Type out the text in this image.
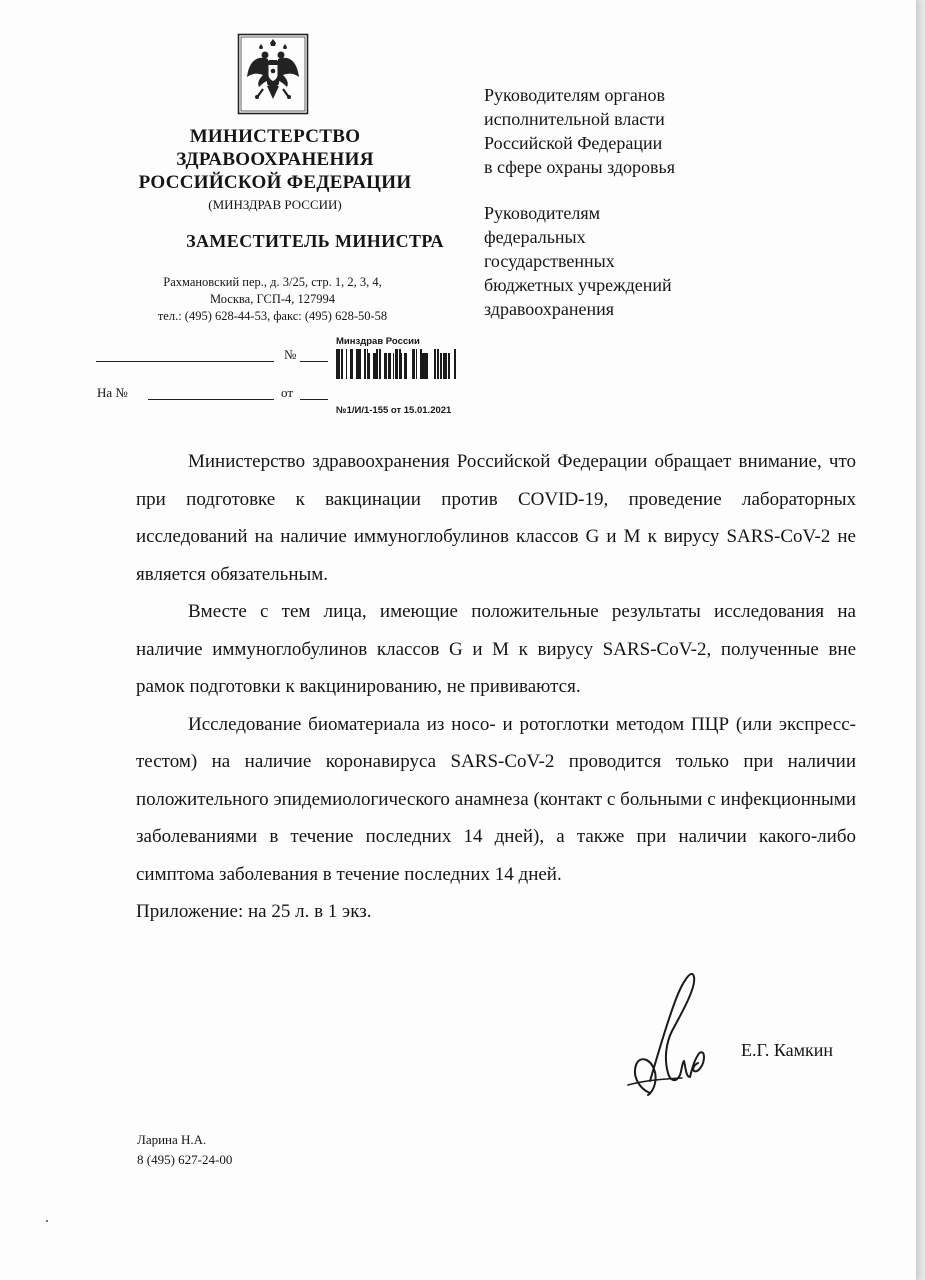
МИНИСТЕРСТВО
ЗДРАВООХРАНЕНИЯ
РОССИЙСКОЙ ФЕДЕРАЦИИ
(МИНЗДРАВ РОССИИ)
ЗАМЕСТИТЕЛЬ МИНИСТРА
Рахмановский пер., д. 3/25, стр. 1, 2, 3, 4,
Москва, ГСП-4, 127994
тел.: (495) 628-44-53, факс: (495) 628-50-58
№
На №	от
Минздрав России
№1/И/1-155 от 15.01.2021
Руководителям органов
исполнительной власти
Российской Федерации
в сфере охраны здоровья
Руководителям
федеральных
государственных
бюджетных учреждений
здравоохранения

Министерство здравоохранения Российской Федерации обращает внимание, что при подготовке к вакцинации против COVID-19, проведение лабораторных исследований на наличие иммуноглобулинов классов G и M к вирусу SARS-CoV-2 не является обязательным.

Вместе с тем лица, имеющие положительные результаты исследования на наличие иммуноглобулинов классов G и M к вирусу SARS-CoV-2, полученные вне рамок подготовки к вакцинированию, не прививаются.

Исследование биоматериала из носо- и ротоглотки методом ПЦР (или экспресс-тестом) на наличие коронавируса SARS-CoV-2 проводится только при наличии положительного эпидемиологического анамнеза (контакт с больными с инфекционными заболеваниями в течение последних 14 дней), а также при наличии какого-либо симптома заболевания в течение последних 14 дней.

Приложение: на 25 л. в 1 экз.

Е.Г. Камкин
Ларина Н.А.
8 (495) 627-24-00
